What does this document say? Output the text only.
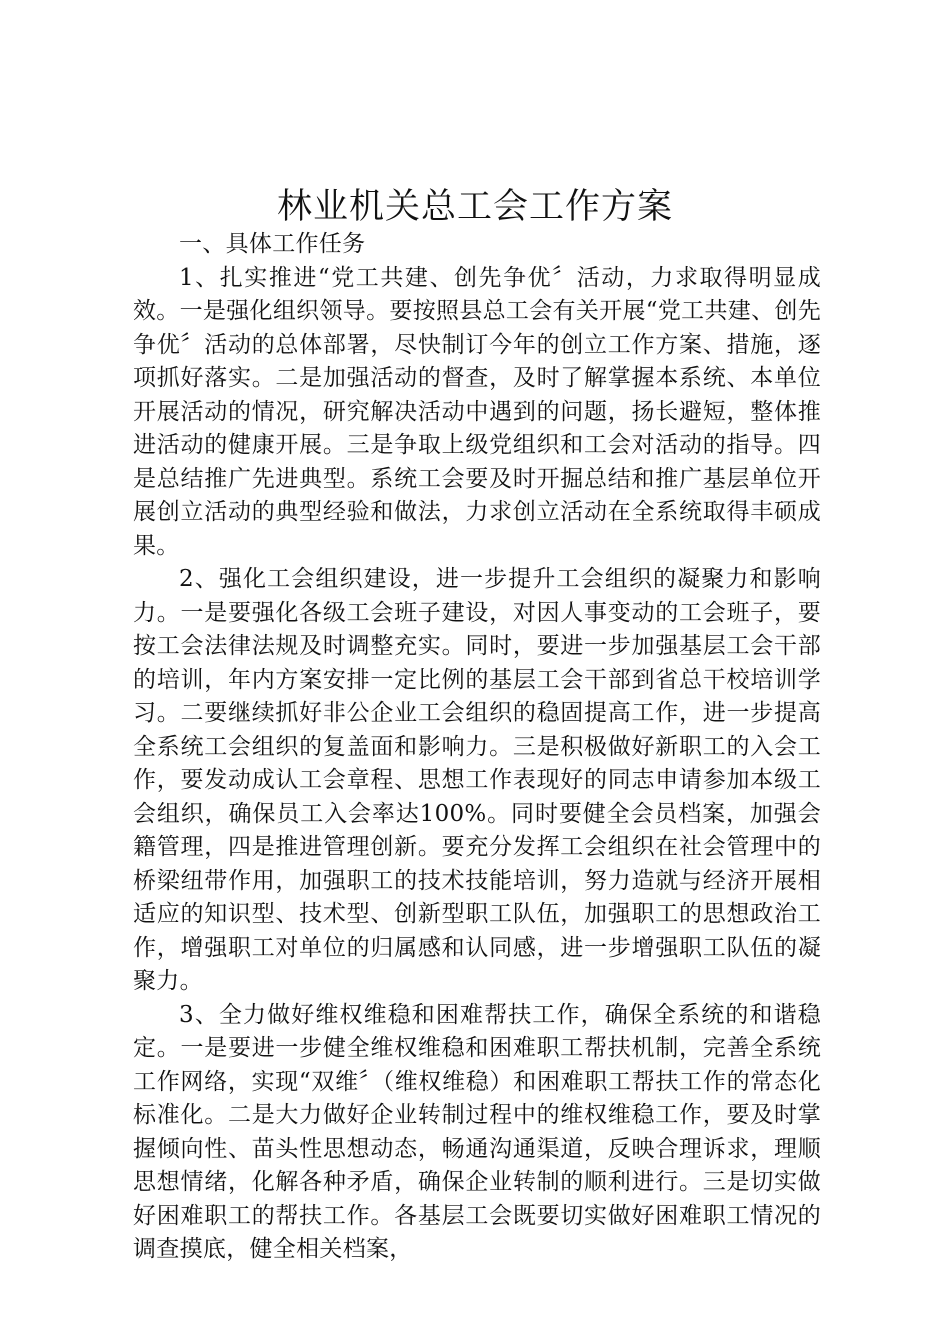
林业机关总工会工作方案

一、具体工作任务

1、扎实推进“党工共建、创先争优〞活动，力求取得明显成效。一是强化组织领导。要按照县总工会有关开展“党工共建、创先争优〞活动的总体部署，尽快制订今年的创立工作方案、措施，逐项抓好落实。二是加强活动的督查，及时了解掌握本系统、本单位开展活动的情况，研究解决活动中遇到的问题，扬长避短，整体推进活动的健康开展。三是争取上级党组织和工会对活动的指导。四是总结推广先进典型。系统工会要及时开掘总结和推广基层单位开展创立活动的典型经验和做法，力求创立活动在全系统取得丰硕成果。

2、强化工会组织建设，进一步提升工会组织的凝聚力和影响力。一是要强化各级工会班子建设，对因人事变动的工会班子，要按工会法律法规及时调整充实。同时，要进一步加强基层工会干部的培训，年内方案安排一定比例的基层工会干部到省总干校培训学习。二要继续抓好非公企业工会组织的稳固提高工作，进一步提高全系统工会组织的复盖面和影响力。三是积极做好新职工的入会工作，要发动成认工会章程、思想工作表现好的同志申请参加本级工会组织，确保员工入会率达100%。同时要健全会员档案，加强会籍管理，四是推进管理创新。要充分发挥工会组织在社会管理中的桥梁纽带作用，加强职工的技术技能培训，努力造就与经济开展相适应的知识型、技术型、创新型职工队伍，加强职工的思想政治工作，增强职工对单位的归属感和认同感，进一步增强职工队伍的凝聚力。

3、全力做好维权维稳和困难帮扶工作，确保全系统的和谐稳定。一是要进一步健全维权维稳和困难职工帮扶机制，完善全系统工作网络，实现“双维〞（维权维稳）和困难职工帮扶工作的常态化标准化。二是大力做好企业转制过程中的维权维稳工作，要及时掌握倾向性、苗头性思想动态，畅通沟通渠道，反映合理诉求，理顺思想情绪，化解各种矛盾，确保企业转制的顺利进行。三是切实做好困难职工的帮扶工作。各基层工会既要切实做好困难职工情况的调查摸底，健全相关档案，
